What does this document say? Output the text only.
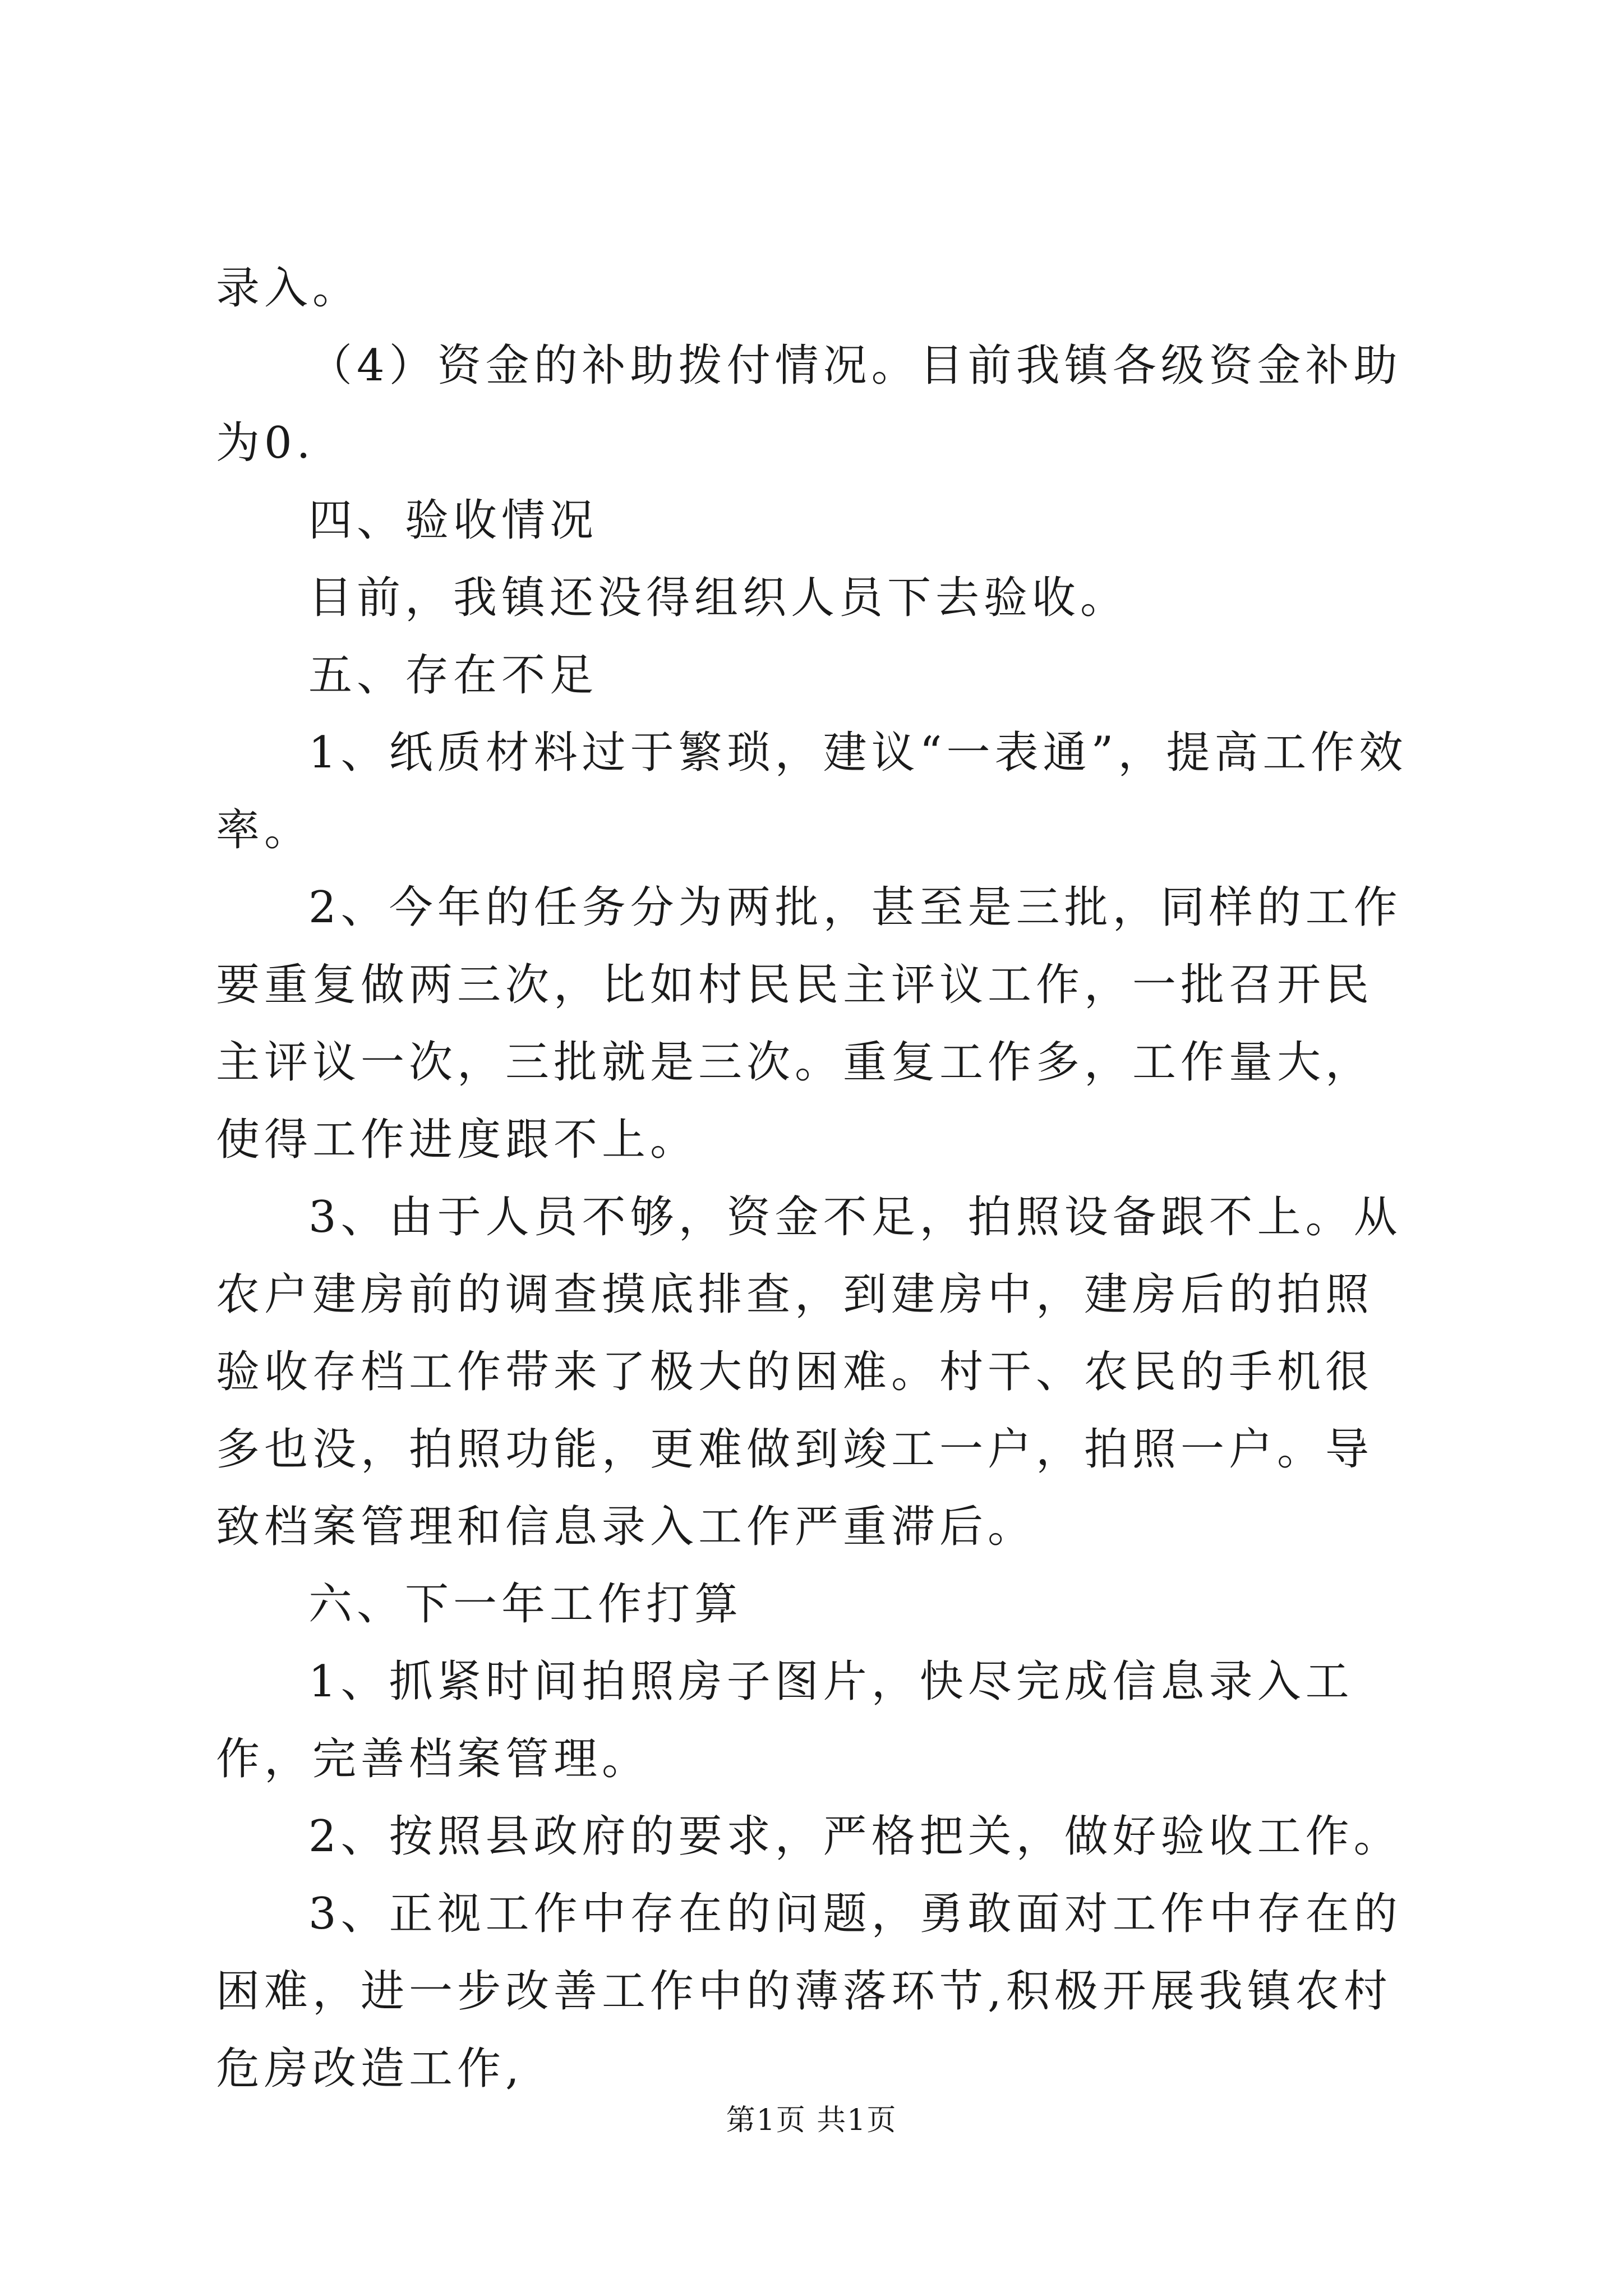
录入。

（4）资金的补助拨付情况。目前我镇各级资金补助为0.

四、验收情况

目前，我镇还没得组织人员下去验收。

五、存在不足

1、纸质材料过于繁琐，建议“一表通”，提高工作效率。

2、今年的任务分为两批，甚至是三批，同样的工作要重复做两三次，比如村民民主评议工作，一批召开民主评议一次，三批就是三次。重复工作多，工作量大，使得工作进度跟不上。

3、由于人员不够，资金不足，拍照设备跟不上。从农户建房前的调查摸底排查，到建房中，建房后的拍照验收存档工作带来了极大的困难。村干、农民的手机很多也没，拍照功能，更难做到竣工一户，拍照一户。导致档案管理和信息录入工作严重滞后。

六、下一年工作打算

1、抓紧时间拍照房子图片，快尽完成信息录入工作，完善档案管理。

2、按照县政府的要求，严格把关，做好验收工作。

3、正视工作中存在的问题，勇敢面对工作中存在的困难，进一步改善工作中的薄落环节,积极开展我镇农村危房改造工作,

第1页 共1页
